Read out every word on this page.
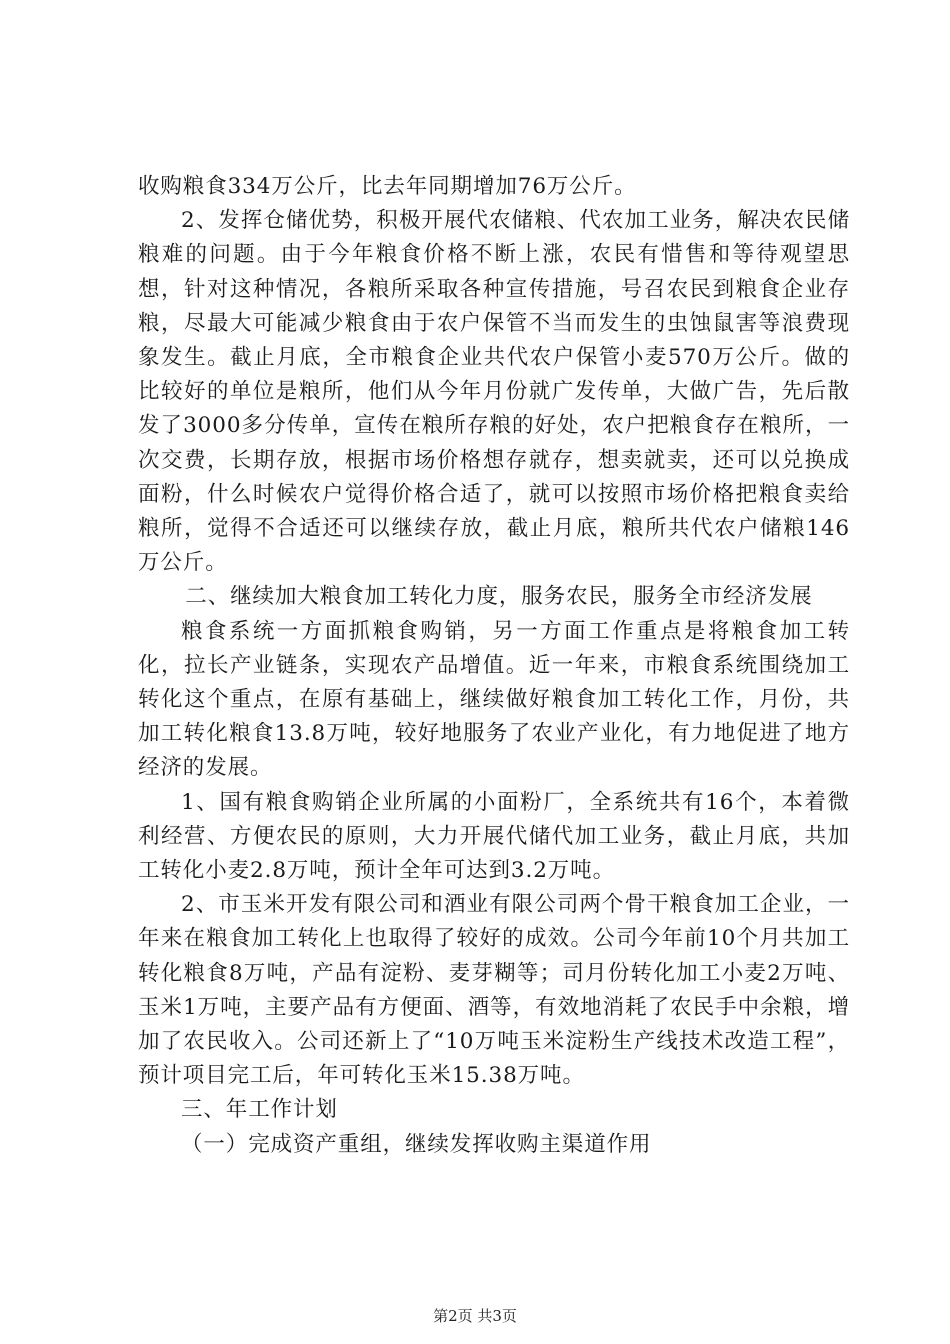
收购粮食334万公斤，比去年同期增加76万公斤。

2、发挥仓储优势，积极开展代农储粮、代农加工业务，解决农民储粮难的问题。由于今年粮食价格不断上涨，农民有惜售和等待观望思想，针对这种情况，各粮所采取各种宣传措施，号召农民到粮食企业存粮，尽最大可能减少粮食由于农户保管不当而发生的虫蚀鼠害等浪费现象发生。截止月底，全市粮食企业共代农户保管小麦570万公斤。做的比较好的单位是粮所，他们从今年月份就广发传单，大做广告，先后散发了3000多分传单，宣传在粮所存粮的好处，农户把粮食存在粮所，一次交费，长期存放，根据市场价格想存就存，想卖就卖，还可以兑换成面粉，什么时候农户觉得价格合适了，就可以按照市场价格把粮食卖给粮所，觉得不合适还可以继续存放，截止月底，粮所共代农户储粮146万公斤。

二、继续加大粮食加工转化力度，服务农民，服务全市经济发展

粮食系统一方面抓粮食购销，另一方面工作重点是将粮食加工转化，拉长产业链条，实现农产品增值。近一年来，市粮食系统围绕加工转化这个重点，在原有基础上，继续做好粮食加工转化工作，月份，共加工转化粮食13.8万吨，较好地服务了农业产业化，有力地促进了地方经济的发展。

1、国有粮食购销企业所属的小面粉厂，全系统共有16个，本着微利经营、方便农民的原则，大力开展代储代加工业务，截止月底，共加工转化小麦2.8万吨，预计全年可达到3.2万吨。

2、市玉米开发有限公司和酒业有限公司两个骨干粮食加工企业，一年来在粮食加工转化上也取得了较好的成效。公司今年前10个月共加工转化粮食8万吨，产品有淀粉、麦芽糊等；司月份转化加工小麦2万吨、玉米1万吨，主要产品有方便面、酒等，有效地消耗了农民手中余粮，增加了农民收入。公司还新上了“10万吨玉米淀粉生产线技术改造工程”，预计项目完工后，年可转化玉米15.38万吨。

三、年工作计划

（一）完成资产重组，继续发挥收购主渠道作用

第2页 共3页
